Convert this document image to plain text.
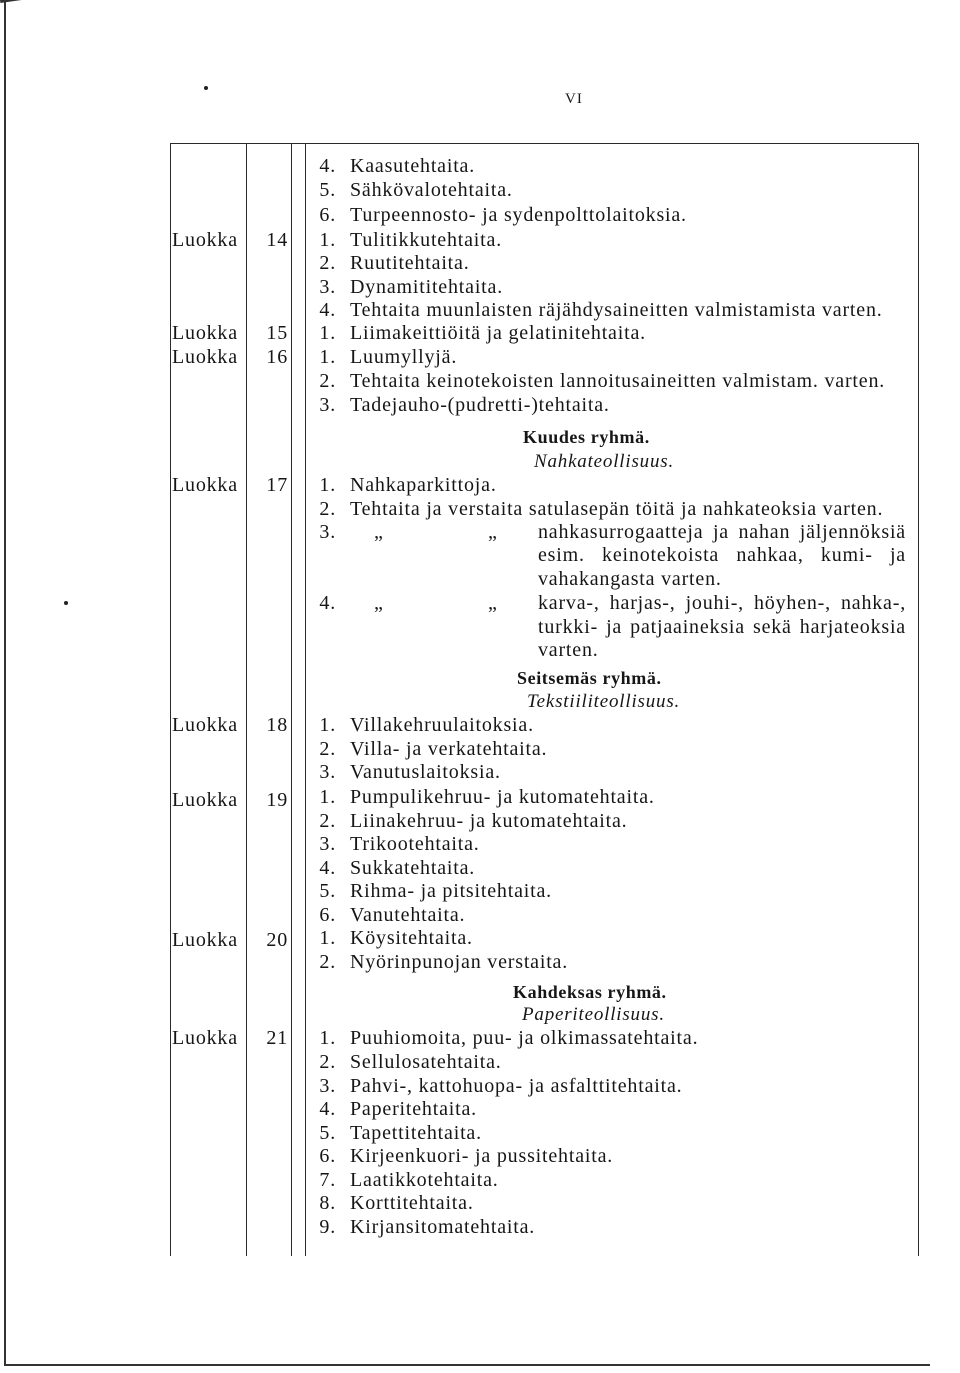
VI
4. Kaasutehtaita.
5. Sähkövalotehtaita.
6. Turpeennosto- ja sydenpolttolaitoksia.
Luokka	14	1. Tulitikkutehtaita.
2. Ruutitehtaita.
3. Dynamititehtaita.
4. Tehtaita muunlaisten räjähdysaineitten valmistamista varten.
Luokka	15	1. Liimakeittiöitä ja gelatinitehtaita.
Luokka	16	1. Luumyllyjä.
2. Tehtaita keinotekoisten lannoitusaineitten valmistam. varten.
3. Tadejauho-(pudretti-)tehtaita.
Kuudes ryhmä.
Nahkateollisuus.
Luokka	17	1. Nahkaparkittoja.
2. Tehtaita ja verstaita satulasepän töitä ja nahkateoksia varten.
3. „	„ nahkasurrogaatteja ja nahan jäljennöksiä
esim. keinotekoista nahkaa, kumi- ja
vahakangasta varten.
4. „	„ karva-, harjas-, jouhi-, höyhen-, nahka-,
turkki- ja patjaaineksia sekä harjateoksia
varten.
Seitsemäs ryhmä.
Tekstiiliteollisuus.
Luokka	18	1. Villakehruulaitoksia.
2. Villa- ja verkatehtaita.
3. Vanutuslaitoksia.
Luokka	19	1. Pumpulikehruu- ja kutomatehtaita.
2. Liinakehruu- ja kutomatehtaita.
3. Trikootehtaita.
4. Sukkatehtaita.
5. Rihma- ja pitsitehtaita.
6. Vanutehtaita.
Luokka	20	1. Köysitehtaita.
2. Nyörinpunojan verstaita.
Kahdeksas ryhmä.
Paperiteollisuus.
Luokka	21	1. Puuhiomoita, puu- ja olkimassatehtaita.
2. Sellulosatehtaita.
3. Pahvi-, kattohuopa- ja asfalttitehtaita.
4. Paperitehtaita.
5. Tapettitehtaita.
6. Kirjeenkuori- ja pussitehtaita.
7. Laatikkotehtaita.
8. Korttitehtaita.
9. Kirjansitomatehtaita.
